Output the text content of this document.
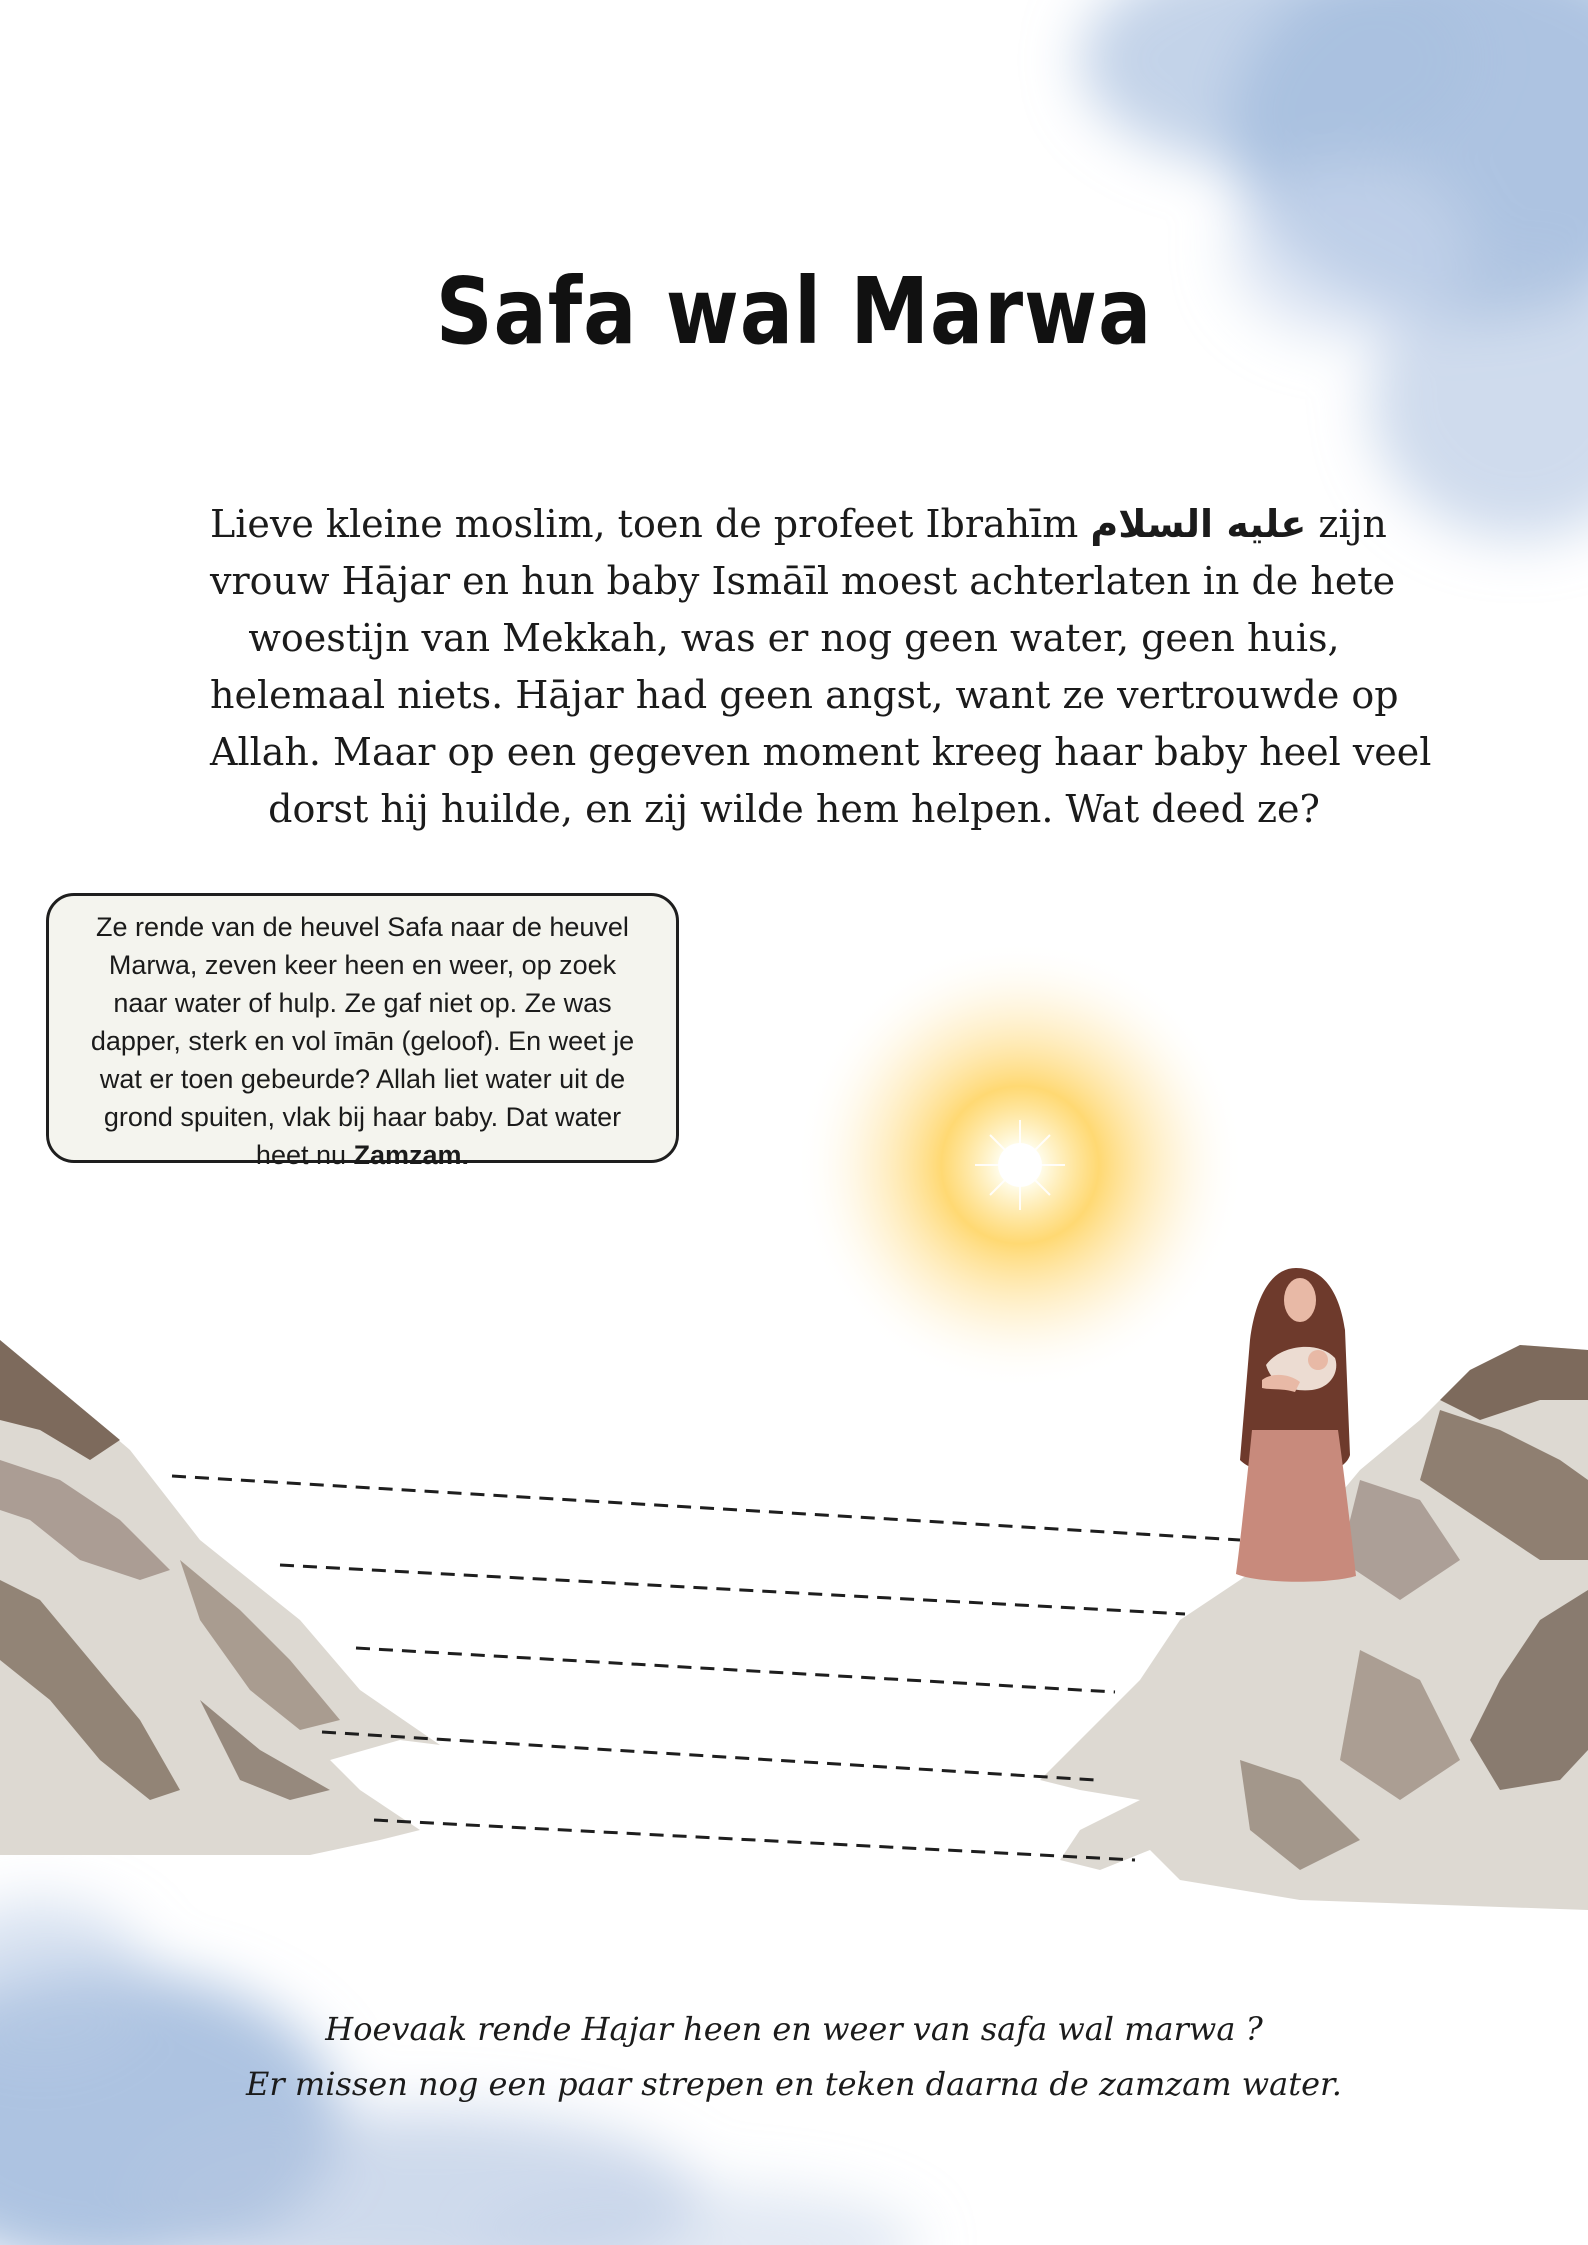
Safa wal Marwa
Lieve kleine moslim, toen de profeet Ibrahīm عليه السلام zijn
vrouw Hājar en hun baby Ismāīl moest achterlaten in de hete
woestijn van Mekkah, was er nog geen water, geen huis,
helemaal niets. Hājar had geen angst, want ze vertrouwde op
Allah. Maar op een gegeven moment kreeg haar baby heel veel
dorst hij huilde, en zij wilde hem helpen. Wat deed ze?
Ze rende van de heuvel Safa naar de heuvel
Marwa, zeven keer heen en weer, op zoek
naar water of hulp. Ze gaf niet op. Ze was
dapper, sterk en vol īmān (geloof). En weet je
wat er toen gebeurde? Allah liet water uit de
grond spuiten, vlak bij haar baby. Dat water
heet nu Zamzam.
Hoevaak rende Hajar heen en weer van safa wal marwa ?
Er missen nog een paar strepen en teken daarna de zamzam water.
